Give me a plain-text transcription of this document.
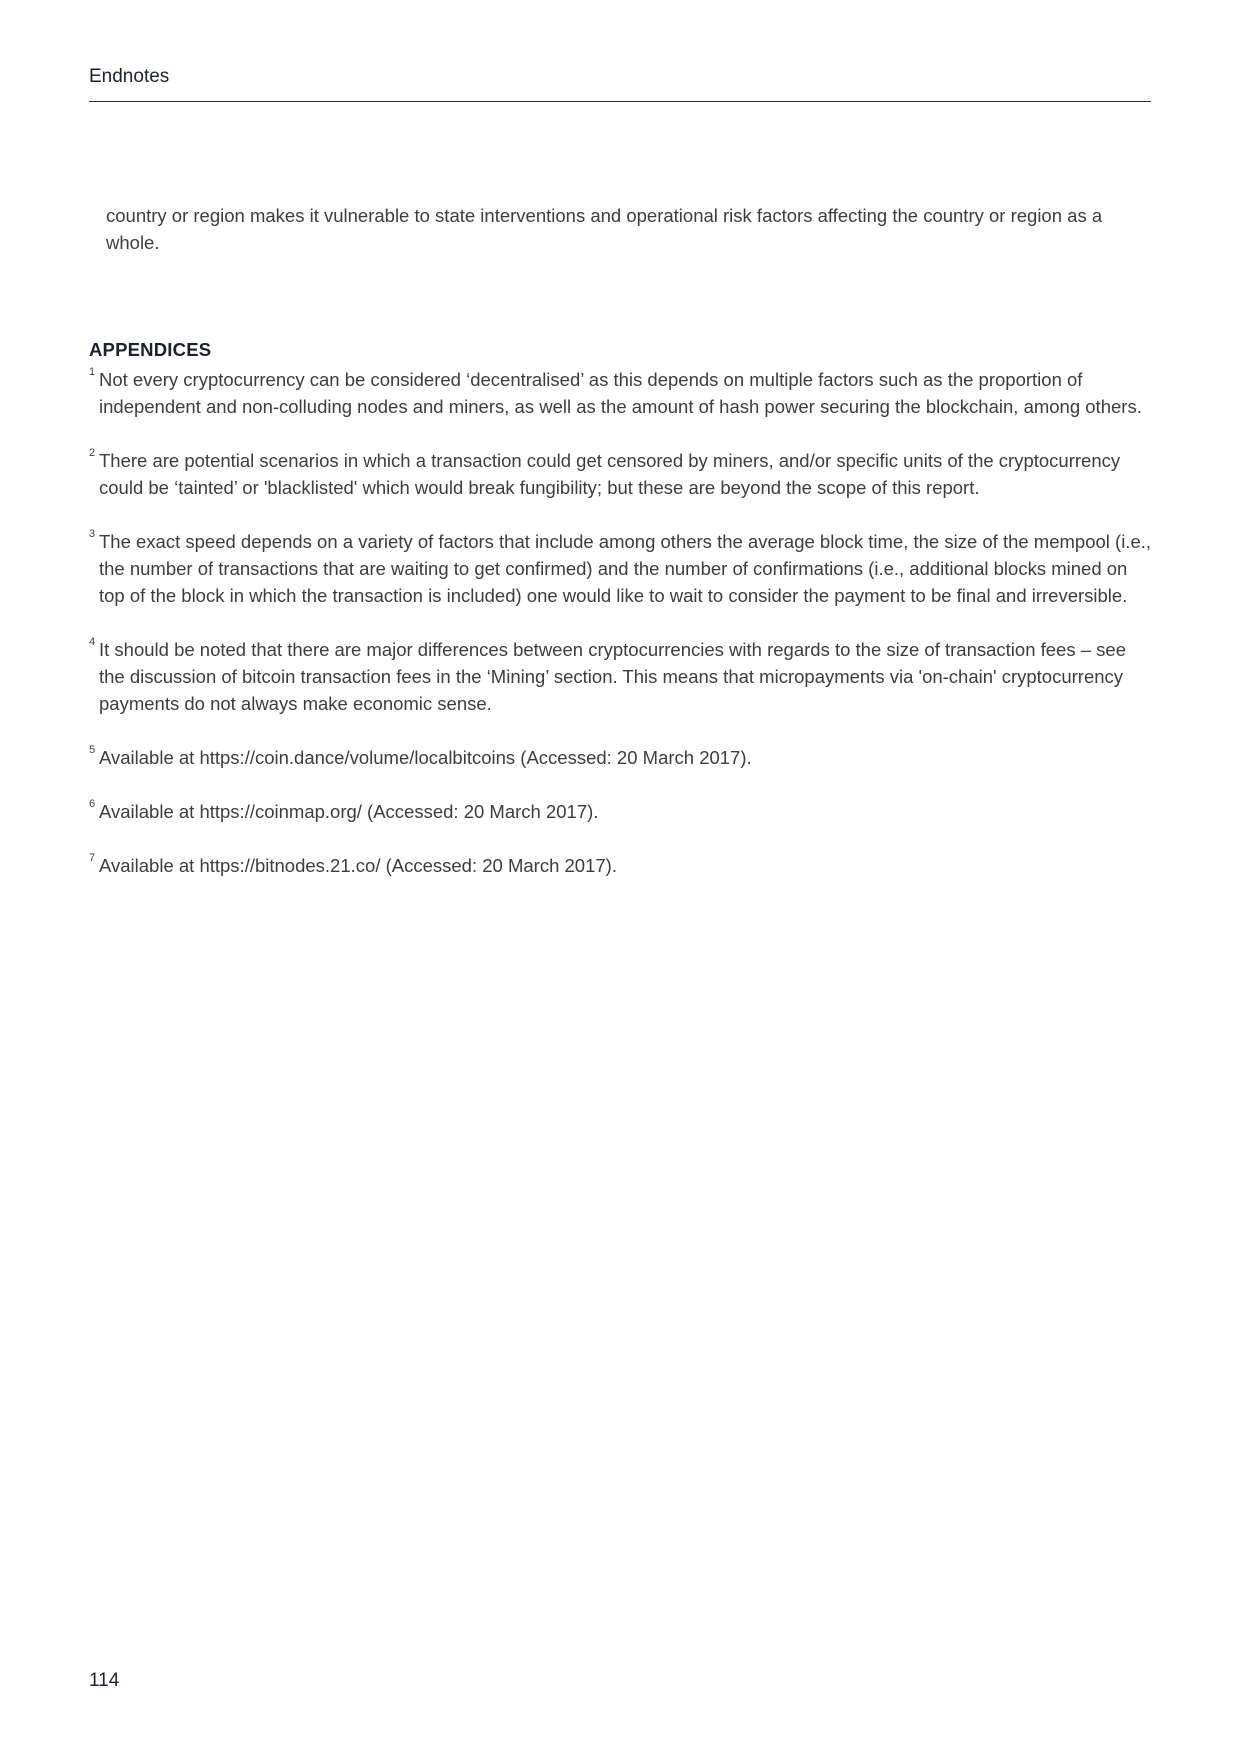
Endnotes
country or region makes it vulnerable to state interventions and operational risk factors affecting the country or region as a whole.
APPENDICES
1 Not every cryptocurrency can be considered ‘decentralised’ as this depends on multiple factors such as the proportion of independent and non-colluding nodes and miners, as well as the amount of hash power securing the blockchain, among others.
2 There are potential scenarios in which a transaction could get censored by miners, and/or specific units of the cryptocurrency could be ‘tainted’ or 'blacklisted' which would break fungibility; but these are beyond the scope of this report.
3 The exact speed depends on a variety of factors that include among others the average block time, the size of the mempool (i.e., the number of transactions that are waiting to get confirmed) and the number of confirmations (i.e., additional blocks mined on top of the block in which the transaction is included) one would like to wait to consider the payment to be final and irreversible.
4 It should be noted that there are major differences between cryptocurrencies with regards to the size of transaction fees – see the discussion of bitcoin transaction fees in the ‘Mining’ section. This means that micropayments via 'on-chain' cryptocurrency payments do not always make economic sense.
5 Available at https://coin.dance/volume/localbitcoins (Accessed: 20 March 2017).
6 Available at https://coinmap.org/ (Accessed: 20 March 2017).
7 Available at https://bitnodes.21.co/ (Accessed: 20 March 2017).
114
